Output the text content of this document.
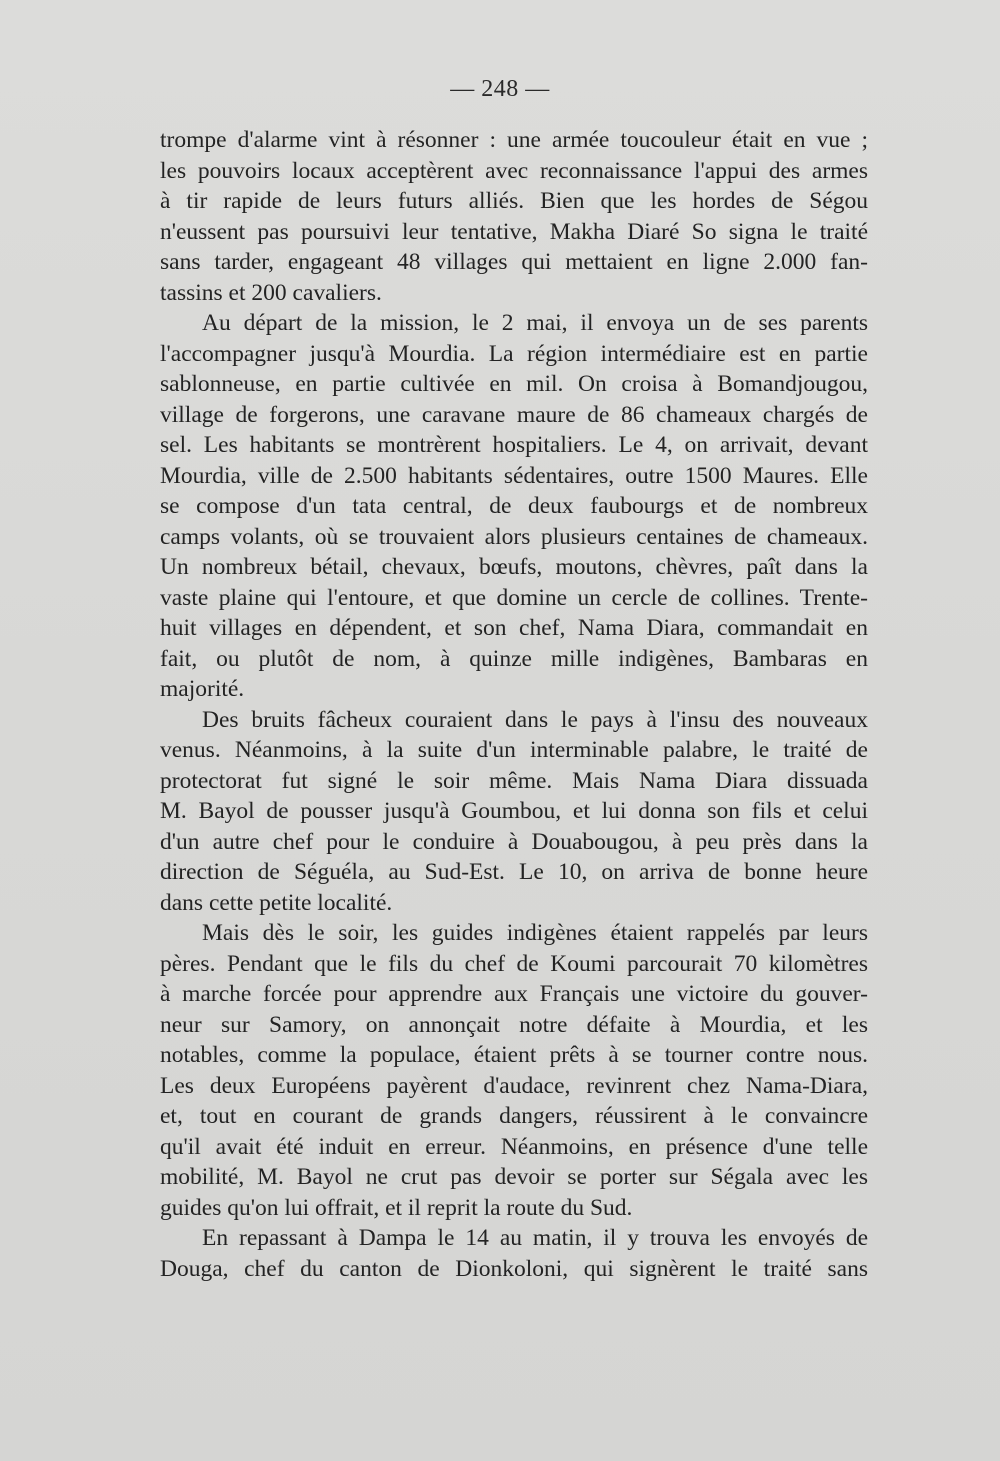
— 248 —
trompe d'alarme vint à résonner : une armée toucouleur était en vue ;
les pouvoirs locaux acceptèrent avec reconnaissance l'appui des armes
à tir rapide de leurs futurs alliés. Bien que les hordes de Ségou
n'eussent pas poursuivi leur tentative, Makha Diaré So signa le traité
sans tarder, engageant 48 villages qui mettaient en ligne 2.000 fan-
tassins et 200 cavaliers.
Au départ de la mission, le 2 mai, il envoya un de ses parents
l'accompagner jusqu'à Mourdia. La région intermédiaire est en partie
sablonneuse, en partie cultivée en mil. On croisa à Bomandjougou,
village de forgerons, une caravane maure de 86 chameaux chargés de
sel. Les habitants se montrèrent hospitaliers. Le 4, on arrivait, devant
Mourdia, ville de 2.500 habitants sédentaires, outre 1500 Maures. Elle
se compose d'un tata central, de deux faubourgs et de nombreux
camps volants, où se trouvaient alors plusieurs centaines de chameaux.
Un nombreux bétail, chevaux, bœufs, moutons, chèvres, paît dans la
vaste plaine qui l'entoure, et que domine un cercle de collines. Trente-
huit villages en dépendent, et son chef, Nama Diara, commandait en
fait, ou plutôt de nom, à quinze mille indigènes, Bambaras en
majorité.
Des bruits fâcheux couraient dans le pays à l'insu des nouveaux
venus. Néanmoins, à la suite d'un interminable palabre, le traité de
protectorat fut signé le soir même. Mais Nama Diara dissuada
M. Bayol de pousser jusqu'à Goumbou, et lui donna son fils et celui
d'un autre chef pour le conduire à Douabougou, à peu près dans la
direction de Séguéla, au Sud-Est. Le 10, on arriva de bonne heure
dans cette petite localité.
Mais dès le soir, les guides indigènes étaient rappelés par leurs
pères. Pendant que le fils du chef de Koumi parcourait 70 kilomètres
à marche forcée pour apprendre aux Français une victoire du gouver-
neur sur Samory, on annonçait notre défaite à Mourdia, et les
notables, comme la populace, étaient prêts à se tourner contre nous.
Les deux Européens payèrent d'audace, revinrent chez Nama-Diara,
et, tout en courant de grands dangers, réussirent à le convaincre
qu'il avait été induit en erreur. Néanmoins, en présence d'une telle
mobilité, M. Bayol ne crut pas devoir se porter sur Ségala avec les
guides qu'on lui offrait, et il reprit la route du Sud.
En repassant à Dampa le 14 au matin, il y trouva les envoyés de
Douga, chef du canton de Dionkoloni, qui signèrent le traité sans
